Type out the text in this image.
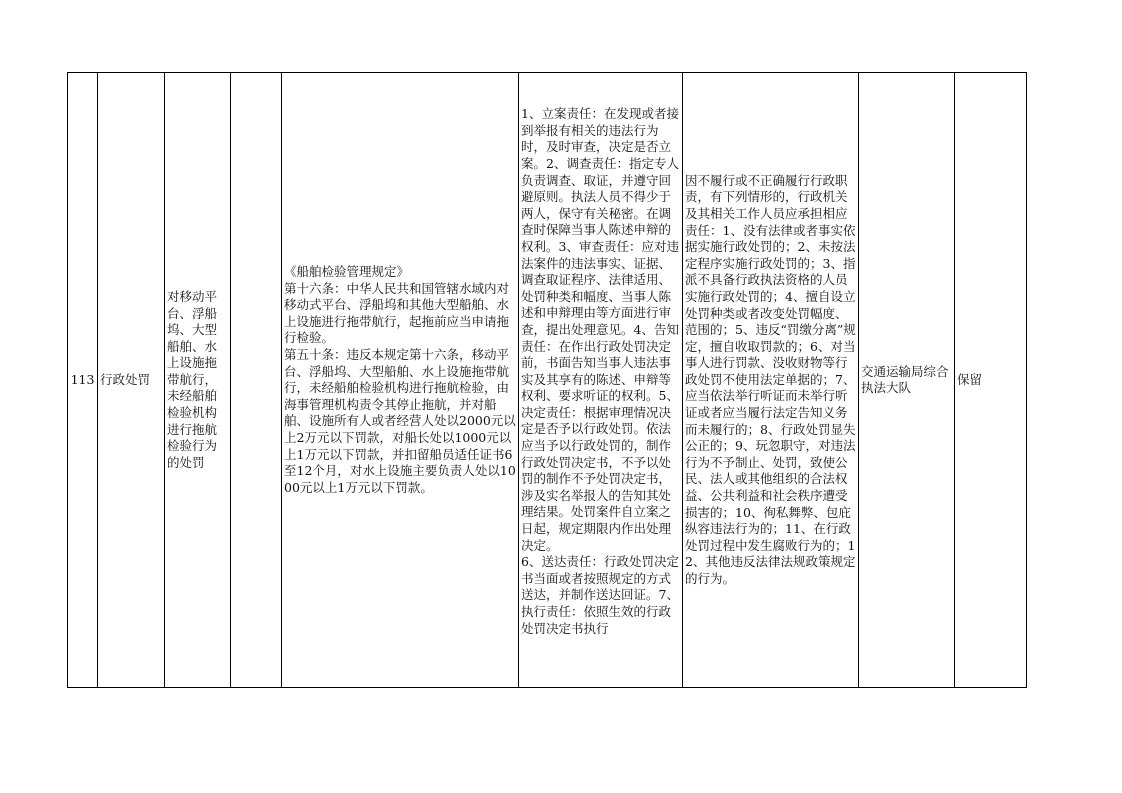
113	行政处罚	对移动平台、浮船坞、大型船舶、水上设施拖带航行，未经船舶检验机构进行拖航检验行为的处罚		《船舶检验管理规定》
第十六条：中华人民共和国管辖水域内对移动式平台、浮船坞和其他大型船舶、水上设施进行拖带航行，起拖前应当申请拖行检验。
第五十条：违反本规定第十六条，移动平台、浮船坞、大型船舶、水上设施拖带航行，未经船舶检验机构进行拖航检验，由海事管理机构责令其停止拖航，并对船舶、设施所有人或者经营人处以2000元以上2万元以下罚款，对船长处以1000元以上1万元以下罚款，并扣留船员适任证书6至12个月，对水上设施主要负责人处以1000元以上1万元以下罚款。	

1、立案责任：在发现或者接到举报有相关的违法行为时，及时审查，决定是否立案。2、调查责任：指定专人负责调查、取证，并遵守回避原则。执法人员不得少于两人，保守有关秘密。在调查时保障当事人陈述申辩的权利。3、审查责任：应对违法案件的违法事实、证据、调查取证程序、法律适用、处罚种类和幅度、当事人陈述和申辩理由等方面进行审查，提出处理意见。4、告知责任：在作出行政处罚决定前，书面告知当事人违法事实及其享有的陈述、申辩等权利、要求听证的权利。5、决定责任：根据审理情况决定是否予以行政处罚。依法应当予以行政处罚的，制作行政处罚决定书，不予以处罚的制作不予处罚决定书，涉及实名举报人的告知其处理结果。处罚案件自立案之日起，规定期限内作出处理决定。
6、送达责任：行政处罚决定书当面或者按照规定的方式送达，并制作送达回证。7、执行责任：依照生效的行政处罚决定书执行

	因不履行或不正确履行行政职责，有下列情形的，行政机关及其相关工作人员应承担相应责任：1、没有法律或者事实依据实施行政处罚的；2、未按法定程序实施行政处罚的；3、指派不具备行政执法资格的人员实施行政处罚的；4、擅自设立处罚种类或者改变处罚幅度、范围的；5、违反“罚缴分离”规定，擅自收取罚款的；6、对当事人进行罚款、没收财物等行政处罚不使用法定单据的；7、应当依法举行听证而未举行听证或者应当履行法定告知义务而未履行的；8、行政处罚显失公正的；9、玩忽职守，对违法行为不予制止、处罚，致使公民、法人或其他组织的合法权益、公共利益和社会秩序遭受损害的；10、徇私舞弊、包庇纵容违法行为的；11、在行政处罚过程中发生腐败行为的；12、其他违反法律法规政策规定的行为。	交通运输局综合执法大队	保留
